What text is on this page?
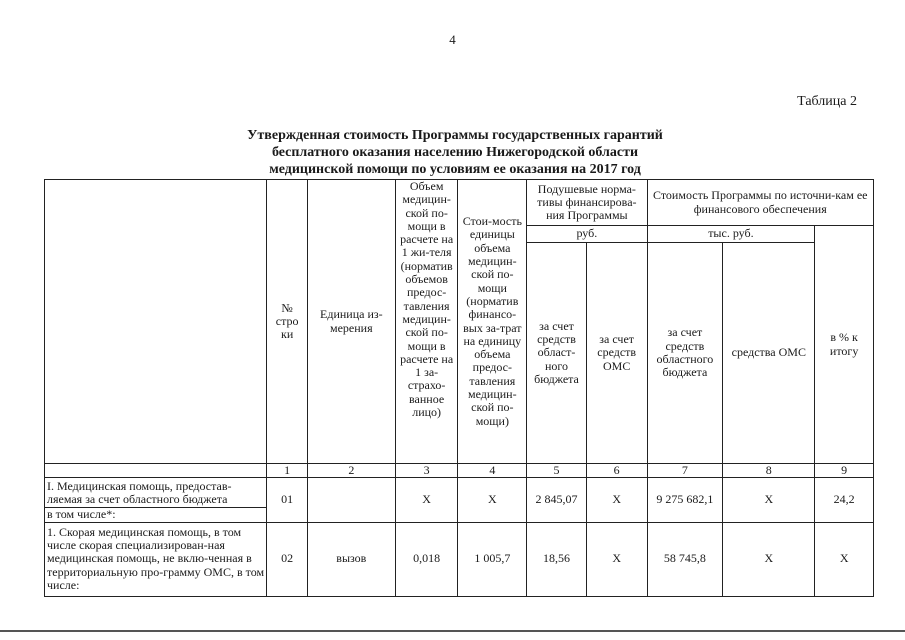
4
Таблица 2
Утвержденная стоимость Программы государственных гарантий
бесплатного оказания населению Нижегородской области
медицинской помощи по условиям ее оказания на 2017 год
	№ стро ки	Единица из-мерения	Объем медицин-ской по-мощи в расчете на 1 жи-теля (норматив объемов предос-тавления медицин-ской по-мощи в расчете на 1 за-страхо-ванное лицо)	Стои-мость единицы объема медицин-ской по-мощи (норматив финансо-вых за-трат на единицу объема предос-тавления медицин-ской по-мощи)	Подушевые норма-тивы финансирова-ния Программы		Стоимость Программы по источни-кам ее финансового обеспечения		
					руб.		тыс. руб.		в % к итогу
					за счет средств област-ного бюджета	за счет средств ОМС	за счет средств областного бюджета	средства ОМС	
	1	2	3	4	5	6	7	8	9
I. Медицинская помощь, предостав-ляемая за счет областного бюджета	01		X	X	2 845,07	X	9 275 682,1	X	24,2
в том числе*:									
1. Скорая медицинская помощь, в том числе скорая специализирован-ная медицинская помощь, не вклю-ченная в территориальную про-грамму ОМС, в том числе:	02	вызов	0,018	1 005,7	18,56	X	58 745,8	X	X
